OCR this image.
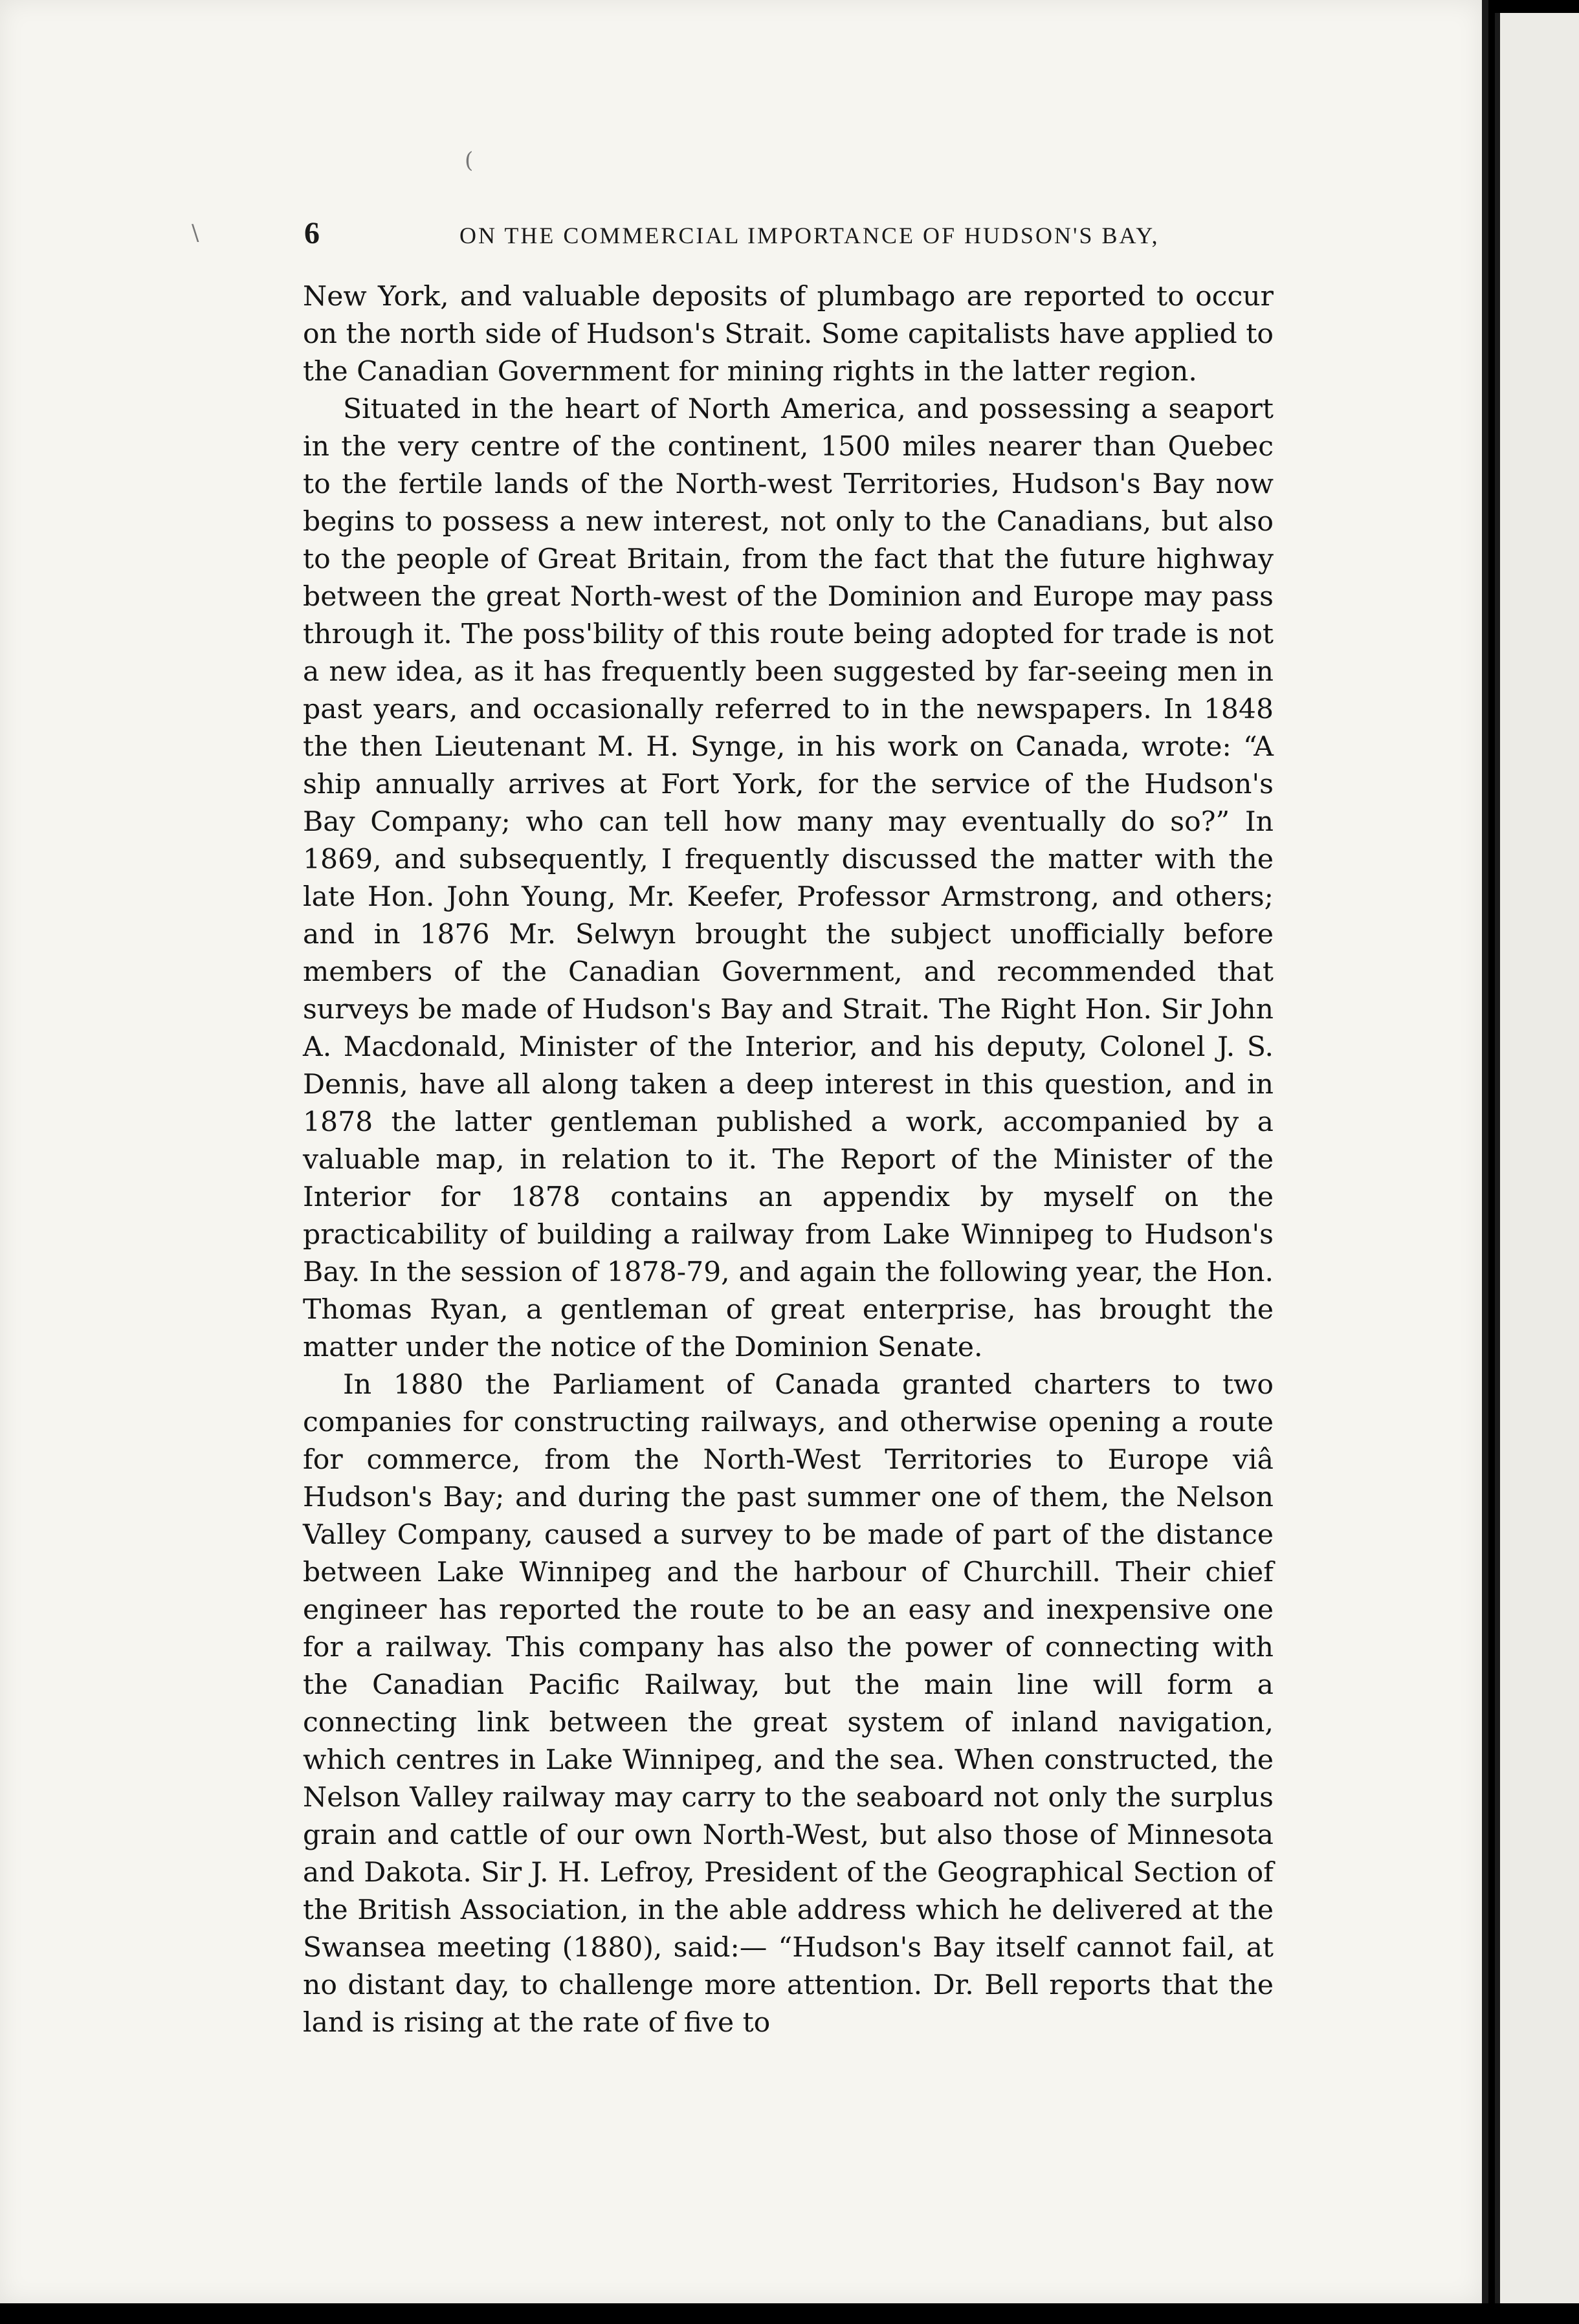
(
\	6	ON THE COMMERCIAL IMPORTANCE OF HUDSON'S BAY,

New York, and valuable deposits of plumbago are reported to occur on the north side of Hudson's Strait. Some capitalists have applied to the Canadian Government for mining rights in the latter region.

Situated in the heart of North America, and possessing a seaport in the very centre of the continent, 1500 miles nearer than Quebec to the fertile lands of the North-west Territories, Hudson's Bay now begins to possess a new interest, not only to the Canadians, but also to the people of Great Britain, from the fact that the future highway between the great North-west of the Dominion and Europe may pass through it. The poss'bility of this route being adopted for trade is not a new idea, as it has frequently been suggested by far-seeing men in past years, and occasionally referred to in the newspapers. In 1848 the then Lieutenant M. H. Synge, in his work on Canada, wrote: “A ship annually arrives at Fort York, for the service of the Hudson's Bay Company; who can tell how many may eventually do so?” In 1869, and subsequently, I frequently discussed the matter with the late Hon. John Young, Mr. Keefer, Professor Armstrong, and others; and in 1876 Mr. Selwyn brought the subject unofficially before members of the Canadian Government, and recommended that surveys be made of Hudson's Bay and Strait. The Right Hon. Sir John A. Macdonald, Minister of the Interior, and his deputy, Colonel J. S. Dennis, have all along taken a deep interest in this question, and in 1878 the latter gentleman published a work, accompanied by a valuable map, in relation to it. The Report of the Minister of the Interior for 1878 contains an appendix by myself on the practicability of building a railway from Lake Winnipeg to Hudson's Bay. In the session of 1878-79, and again the following year, the Hon. Thomas Ryan, a gentleman of great enterprise, has brought the matter under the notice of the Dominion Senate.

In 1880 the Parliament of Canada granted charters to two companies for constructing railways, and otherwise opening a route for commerce, from the North-West Territories to Europe viâ Hudson's Bay; and during the past summer one of them, the Nelson Valley Company, caused a survey to be made of part of the distance between Lake Winnipeg and the harbour of Churchill. Their chief engineer has reported the route to be an easy and inexpensive one for a railway. This company has also the power of connecting with the Canadian Pacific Railway, but the main line will form a connecting link between the great system of inland navigation, which centres in Lake Winnipeg, and the sea. When constructed, the Nelson Valley railway may carry to the seaboard not only the surplus grain and cattle of our own North-West, but also those of Minnesota and Dakota. Sir J. H. Lefroy, President of the Geographical Section of the British Association, in the able address which he delivered at the Swansea meeting (1880), said:— “Hudson's Bay itself cannot fail, at no distant day, to challenge more attention. Dr. Bell reports that the land is rising at the rate of five to
